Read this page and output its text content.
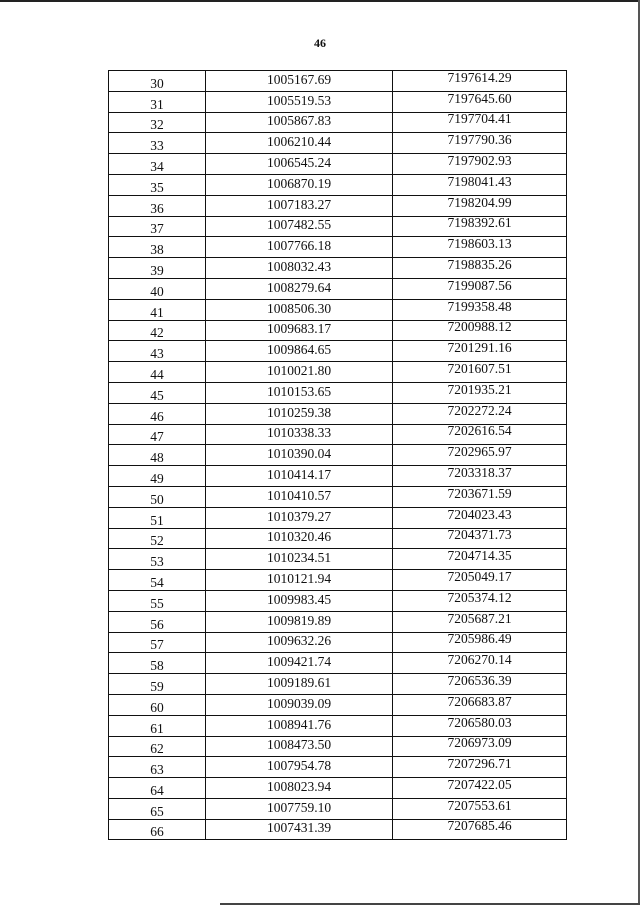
46
30	1005167.69	7197614.29
31	1005519.53	7197645.60
32	1005867.83	7197704.41
33	1006210.44	7197790.36
34	1006545.24	7197902.93
35	1006870.19	7198041.43
36	1007183.27	7198204.99
37	1007482.55	7198392.61
38	1007766.18	7198603.13
39	1008032.43	7198835.26
40	1008279.64	7199087.56
41	1008506.30	7199358.48
42	1009683.17	7200988.12
43	1009864.65	7201291.16
44	1010021.80	7201607.51
45	1010153.65	7201935.21
46	1010259.38	7202272.24
47	1010338.33	7202616.54
48	1010390.04	7202965.97
49	1010414.17	7203318.37
50	1010410.57	7203671.59
51	1010379.27	7204023.43
52	1010320.46	7204371.73
53	1010234.51	7204714.35
54	1010121.94	7205049.17
55	1009983.45	7205374.12
56	1009819.89	7205687.21
57	1009632.26	7205986.49
58	1009421.74	7206270.14
59	1009189.61	7206536.39
60	1009039.09	7206683.87
61	1008941.76	7206580.03
62	1008473.50	7206973.09
63	1007954.78	7207296.71
64	1008023.94	7207422.05
65	1007759.10	7207553.61
66	1007431.39	7207685.46
